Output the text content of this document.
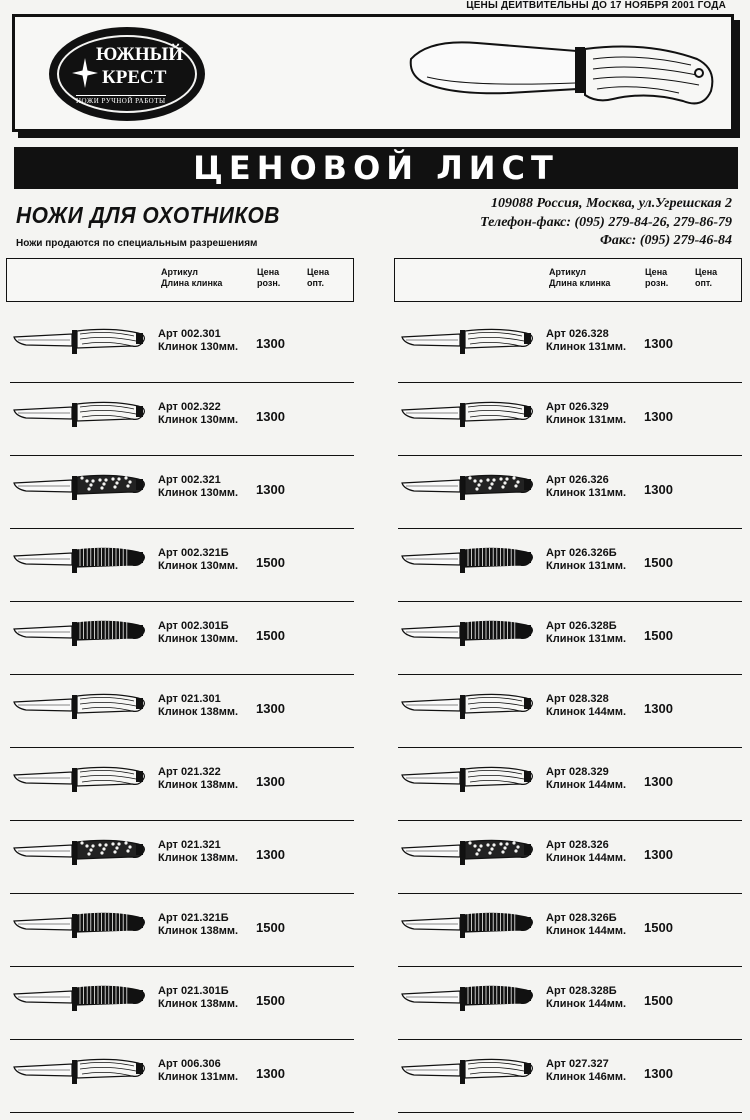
ЦЕНЫ ДЕИТВИТЕЛЬНЫ ДО 17 НОЯБРЯ 2001 ГОДА
ЮЖНЫЙ
КРЕСТ
НОЖИ РУЧНОЙ РАБОТЫ
ЦЕНОВОЙ ЛИСТ
НОЖИ ДЛЯ ОХОТНИКОВ
Ножи продаются по специальным разрешениям
109088 Россия, Москва, ул.Угрешская 2
Телефон-факс: (095) 279-84-26, 279-86-79
Факс: (095) 279-46-84
Артикул
Длина клинка
Цена
розн.
Цена
опт.
Артикул
Длина клинка
Цена
розн.
Цена
опт.
Арт 002.301
Клинок 130мм. 1300
Арт 002.322
Клинок 130мм. 1300
Арт 002.321
Клинок 130мм. 1300
Арт 002.321Б
Клинок 130мм. 1500
Арт 002.301Б
Клинок 130мм. 1500
Арт 021.301
Клинок 138мм. 1300
Арт 021.322
Клинок 138мм. 1300
Арт 021.321
Клинок 138мм. 1300
Арт 021.321Б
Клинок 138мм. 1500
Арт 021.301Б
Клинок 138мм. 1500
Арт 006.306
Клинок 131мм. 1300
Арт 026.328
Клинок 131мм. 1300
Арт 026.329
Клинок 131мм. 1300
Арт 026.326
Клинок 131мм. 1300
Арт 026.326Б
Клинок 131мм. 1500
Арт 026.328Б
Клинок 131мм. 1500
Арт 028.328
Клинок 144мм. 1300
Арт 028.329
Клинок 144мм. 1300
Арт 028.326
Клинок 144мм. 1300
Арт 028.326Б
Клинок 144мм. 1500
Арт 028.328Б
Клинок 144мм. 1500
Арт 027.327
Клинок 146мм. 1300
